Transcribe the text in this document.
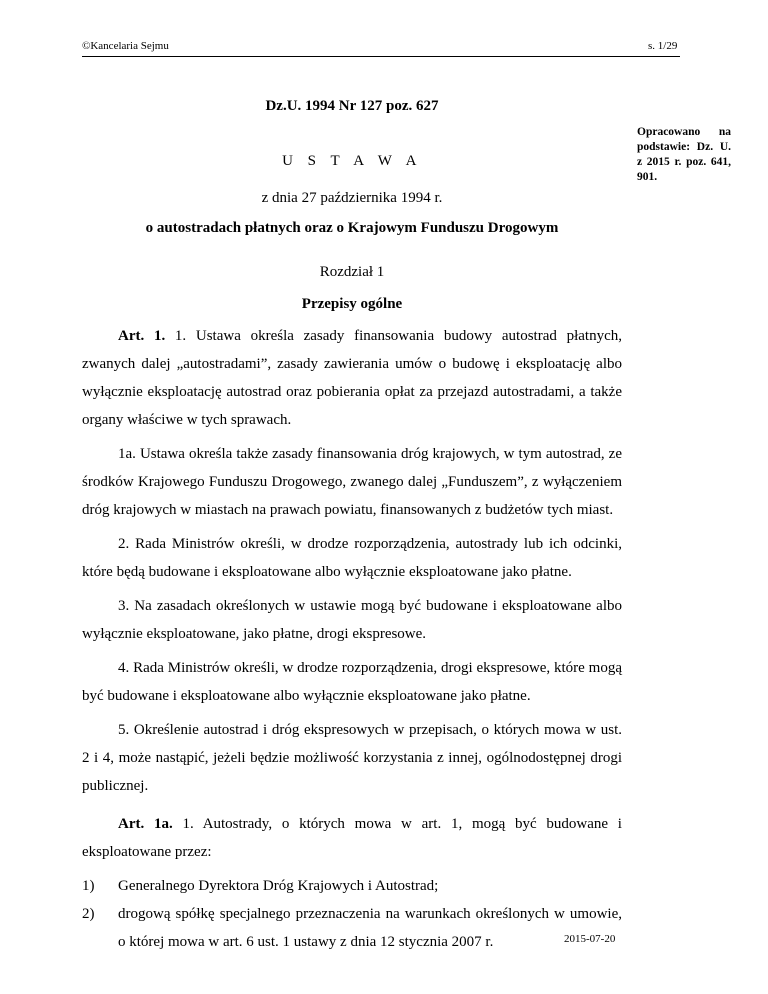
©Kancelaria Sejmu	s. 1/29
Dz.U. 1994 Nr 127 poz. 627
Opracowano na podstawie: Dz. U. z 2015 r. poz. 641, 901.
U S T A W A
z dnia 27 października 1994 r.
o autostradach płatnych oraz o Krajowym Funduszu Drogowym
Rozdział 1
Przepisy ogólne

Art. 1. 1. Ustawa określa zasady finansowania budowy autostrad płatnych, zwanych dalej „autostradami”, zasady zawierania umów o budowę i eksploatację albo wyłącznie eksploatację autostrad oraz pobierania opłat za przejazd autostradami, a także organy właściwe w tych sprawach.

1a. Ustawa określa także zasady finansowania dróg krajowych, w tym autostrad, ze środków Krajowego Funduszu Drogowego, zwanego dalej „Funduszem”, z wyłączeniem dróg krajowych w miastach na prawach powiatu, finansowanych z budżetów tych miast.

2. Rada Ministrów określi, w drodze rozporządzenia, autostrady lub ich odcinki, które będą budowane i eksploatowane albo wyłącznie eksploatowane jako płatne.

3. Na zasadach określonych w ustawie mogą być budowane i eksploatowane albo wyłącznie eksploatowane, jako płatne, drogi ekspresowe.

4. Rada Ministrów określi, w drodze rozporządzenia, drogi ekspresowe, które mogą być budowane i eksploatowane albo wyłącznie eksploatowane jako płatne.

5. Określenie autostrad i dróg ekspresowych w przepisach, o których mowa w ust. 2 i 4, może nastąpić, jeżeli będzie możliwość korzystania z innej, ogólnodostępnej drogi publicznej.

Art. 1a. 1. Autostrady, o których mowa w art. 1, mogą być budowane i eksploatowane przez:

1)	Generalnego Dyrektora Dróg Krajowych i Autostrad;
2)	drogową spółkę specjalnego przeznaczenia na warunkach określonych w umowie, o której mowa w art. 6 ust. 1 ustawy z dnia 12 stycznia 2007 r.	2015-07-20
